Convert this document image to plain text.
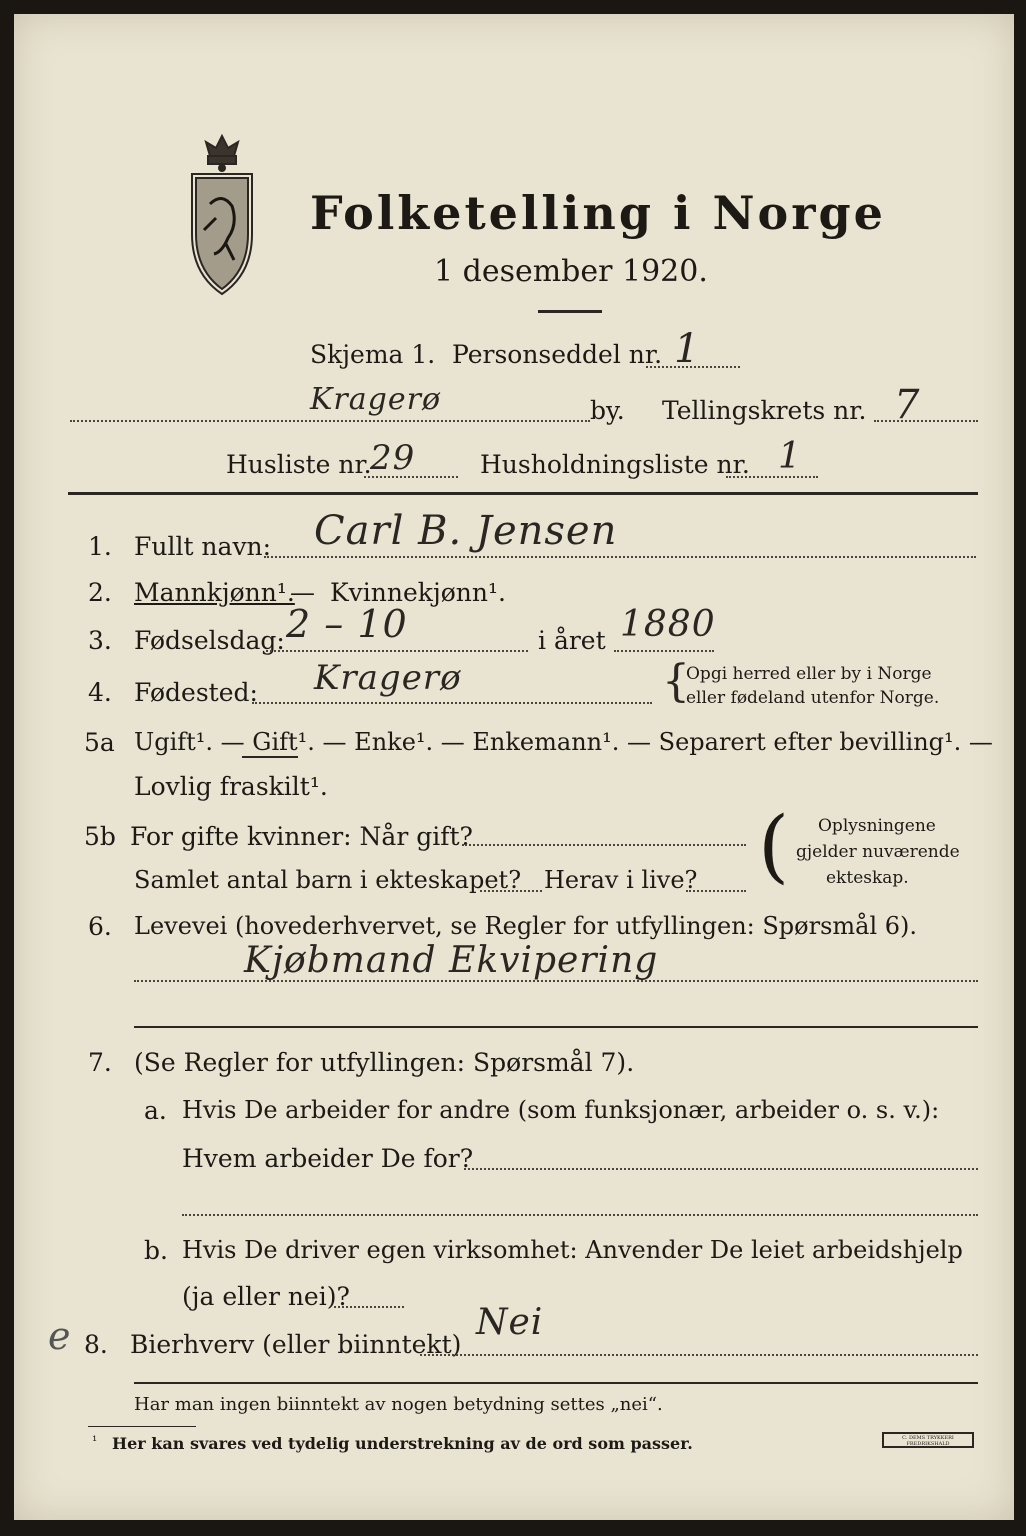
Folketelling i Norge
1 desember 1920.
Skjema 1. Personseddel nr. 1
Kragerø	by. Tellingskrets nr. 7
Husliste nr.
29	Husholdningsliste nr. 1
1. Fullt navn: Carl B. Jensen
2. Mannkjønn¹.
— Kvinnekjønn¹.
3. Fødselsdag: 2 – 10	i året 1880
4. Fødested: Kragerø	{
Opgi herred eller by i Norge
eller fødeland utenfor Norge.
5a Ugift¹. — Gift¹. — Enke¹. — Enkemann¹. — Separert efter bevilling¹. —
Lovlig fraskilt¹.
5b For gifte kvinner: Når gift?
Samlet antal barn i ekteskapet? Herav i live? ( Oplysningene
gjelder nuværende
ekteskap.
6. Levevei (hovederhvervet, se Regler for utfyllingen: Spørsmål 6).
Kjøbmand Ekvipering
7. (Se Regler for utfyllingen: Spørsmål 7).
a. Hvis De arbeider for andre (som funksjonær, arbeider o. s. v.):
Hvem arbeider De for?
b. Hvis De driver egen virksomhet: Anvender De leiet arbeidshjelp
(ja eller nei)?
e 8. Bierhverv (eller biinntekt)
Nei
Har man ingen biinntekt av nogen betydning settes „nei“.
¹ Her kan svares ved tydelig understrekning av de ord som passer.	C. DEMS TRYKKERI FREDRIKSHALD
